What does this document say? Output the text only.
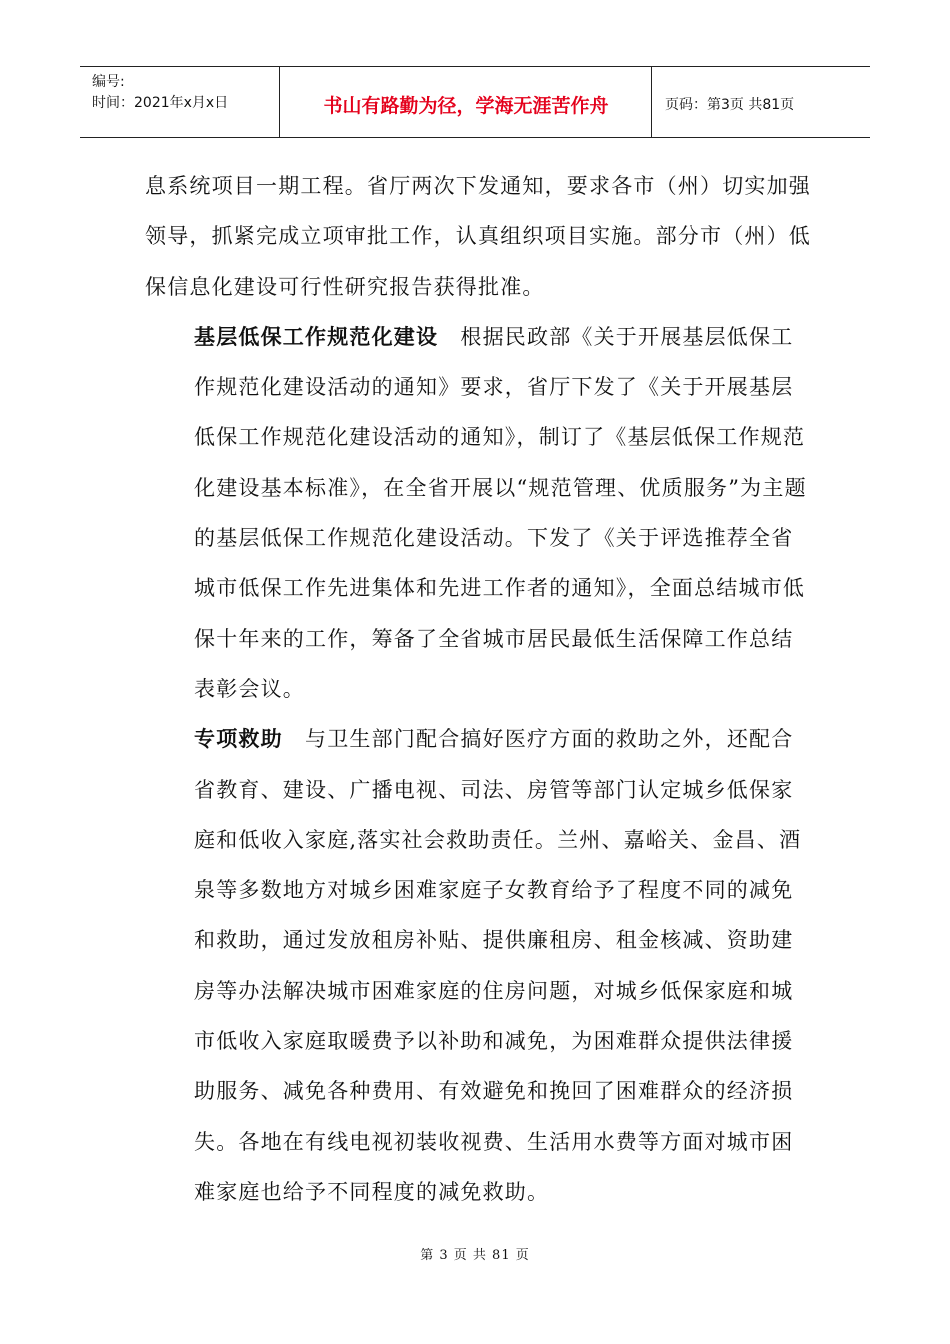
编号:
时间：2021年x月x日	书山有路勤为径，学海无涯苦作舟	页码：第3页 共81页

息系统项目一期工程。省厅两次下发通知，要求各市（州）切实加强领导，抓紧完成立项审批工作，认真组织项目实施。部分市（州）低保信息化建设可行性研究报告获得批准。

基层低保工作规范化建设　 根据民政部《关于开展基层低保工作规范化建设活动的通知》要求，省厅下发了《关于开展基层低保工作规范化建设活动的通知》，制订了《基层低保工作规范化建设基本标准》，在全省开展以“规范管理、优质服务”为主题的基层低保工作规范化建设活动。下发了《关于评选推荐全省城市低保工作先进集体和先进工作者的通知》，全面总结城市低保十年来的工作，筹备了全省城市居民最低生活保障工作总结表彰会议。

专项救助　 与卫生部门配合搞好医疗方面的救助之外，还配合省教育、建设、广播电视、司法、房管等部门认定城乡低保家庭和低收入家庭,落实社会救助责任。兰州、嘉峪关、金昌、酒泉等多数地方对城乡困难家庭子女教育给予了程度不同的减免和救助，通过发放租房补贴、提供廉租房、租金核减、资助建房等办法解决城市困难家庭的住房问题，对城乡低保家庭和城市低收入家庭取暖费予以补助和减免，为困难群众提供法律援助服务、减免各种费用、有效避免和挽回了困难群众的经济损失。各地在有线电视初装收视费、生活用水费等方面对城市困难家庭也给予不同程度的减免救助。

第 3 页 共 81 页
